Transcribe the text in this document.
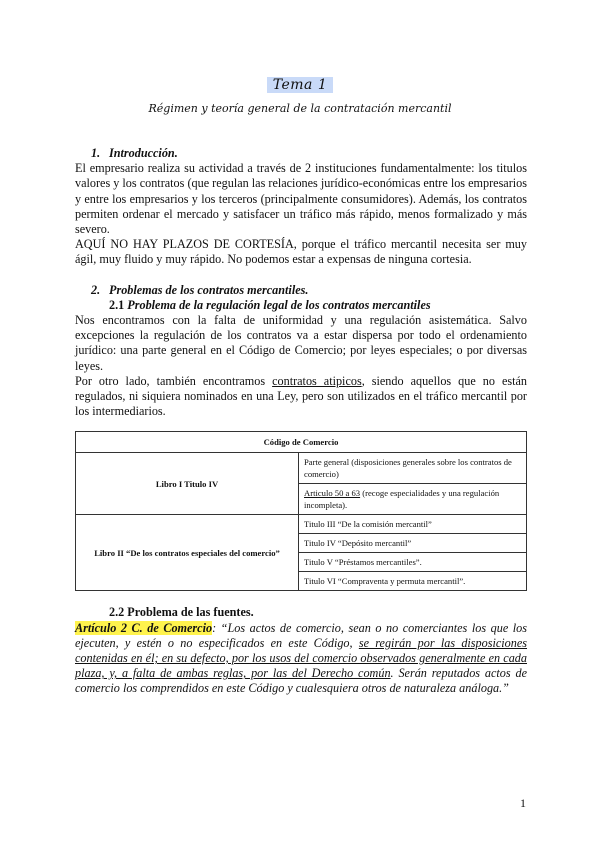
Tema 1
Régimen y teoría general de la contratación mercantil
1. Introducción.

El empresario realiza su actividad a través de 2 instituciones fundamentalmente: los titulos valores y los contratos (que regulan las relaciones jurídico-económicas entre los empresarios y entre los empresarios y los terceros (principalmente consumidores). Además, los contratos permiten ordenar el mercado y satisfacer un tráfico más rápido, menos formalizado y más severo.

AQUÍ NO HAY PLAZOS DE CORTESÍA, porque el tráfico mercantil necesita ser muy ágil, muy fluido y muy rápido. No podemos estar a expensas de ninguna cortesia.

2. Problemas de los contratos mercantiles.
2.1 Problema de la regulación legal de los contratos mercantiles

Nos encontramos con la falta de uniformidad y una regulación asistemática. Salvo excepciones la regulación de los contratos va a estar dispersa por todo el ordenamiento jurídico: una parte general en el Código de Comercio; por leyes especiales; o por diversas leyes.

Por otro lado, también encontramos contratos atipicos, siendo aquellos que no están regulados, ni siquiera nominados en una Ley, pero son utilizados en el tráfico mercantil por los intermediarios.

Código de Comercio	
Libro I Titulo IV	Parte general (disposiciones generales sobre los contratos de comercio)
	Articulo 50 a 63 (recoge especialidades y una regulación incompleta).
Libro II “De los contratos especiales del comercio”	Titulo III “De la comisión mercantil”
	Titulo IV “Depósito mercantil”
	Titulo V “Préstamos mercantiles”.
	Titulo VI “Compraventa y permuta mercantil”.
2.2 Problema de las fuentes.

Artículo 2 C. de Comercio: “Los actos de comercio, sean o no comerciantes los que los ejecuten, y estén o no especificados en este Código, se regirán por las disposiciones contenidas en él; en su defecto, por los usos del comercio observados generalmente en cada plaza, y, a falta de ambas reglas, por las del Derecho común. Serán reputados actos de comercio los comprendidos en este Código y cualesquiera otros de naturaleza análoga.”

1
